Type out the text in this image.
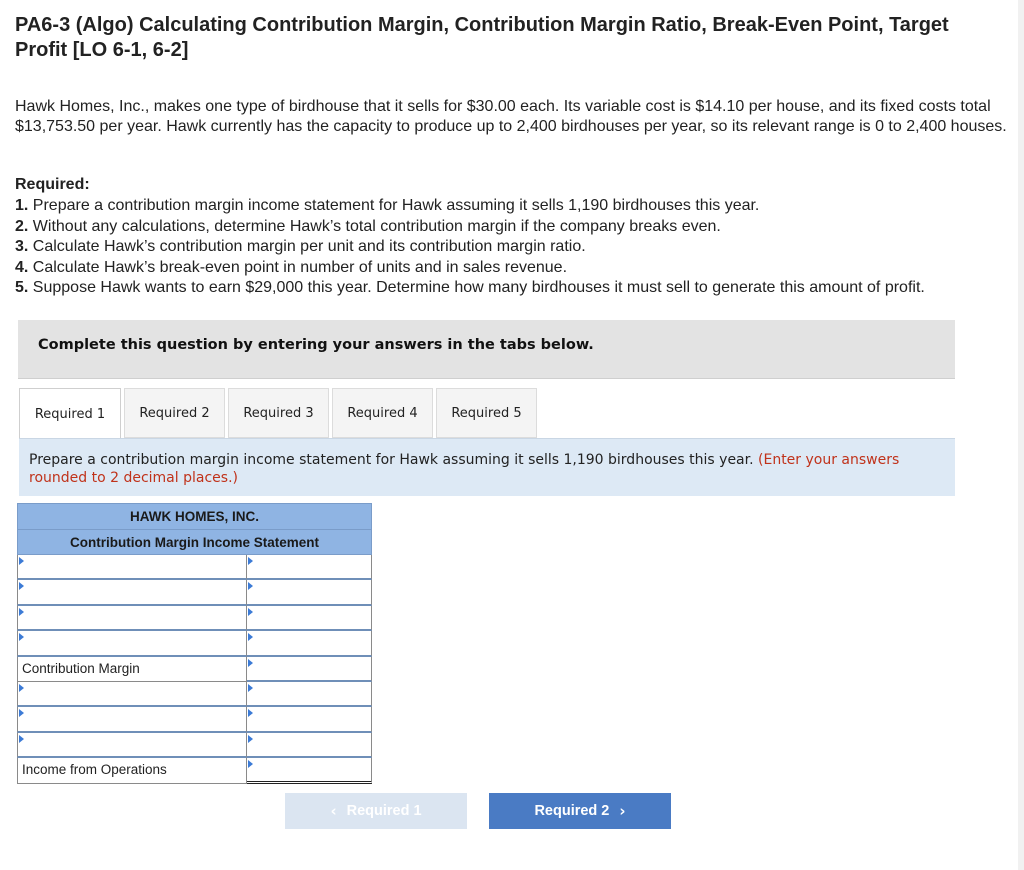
PA6-3 (Algo) Calculating Contribution Margin, Contribution Margin Ratio, Break-Even Point, Target Profit [LO 6-1, 6-2]
Hawk Homes, Inc., makes one type of birdhouse that it sells for $30.00 each. Its variable cost is $14.10 per house, and its fixed costs total $13,753.50 per year. Hawk currently has the capacity to produce up to 2,400 birdhouses per year, so its relevant range is 0 to 2,400 houses.
Required:
1. Prepare a contribution margin income statement for Hawk assuming it sells 1,190 birdhouses this year.
2. Without any calculations, determine Hawk’s total contribution margin if the company breaks even.
3. Calculate Hawk’s contribution margin per unit and its contribution margin ratio.
4. Calculate Hawk’s break-even point in number of units and in sales revenue.
5. Suppose Hawk wants to earn $29,000 this year. Determine how many birdhouses it must sell to generate this amount of profit.
Complete this question by entering your answers in the tabs below.
Required 1	Required 2	Required 3	Required 4	Required 5
Prepare a contribution margin income statement for Hawk assuming it sells 1,190 birdhouses this year. (Enter your answers rounded to 2 decimal places.)
HAWK HOMES, INC.
Contribution Margin Income Statement
Contribution Margin
Income from Operations
‹ Required 1	Required 2 ›
